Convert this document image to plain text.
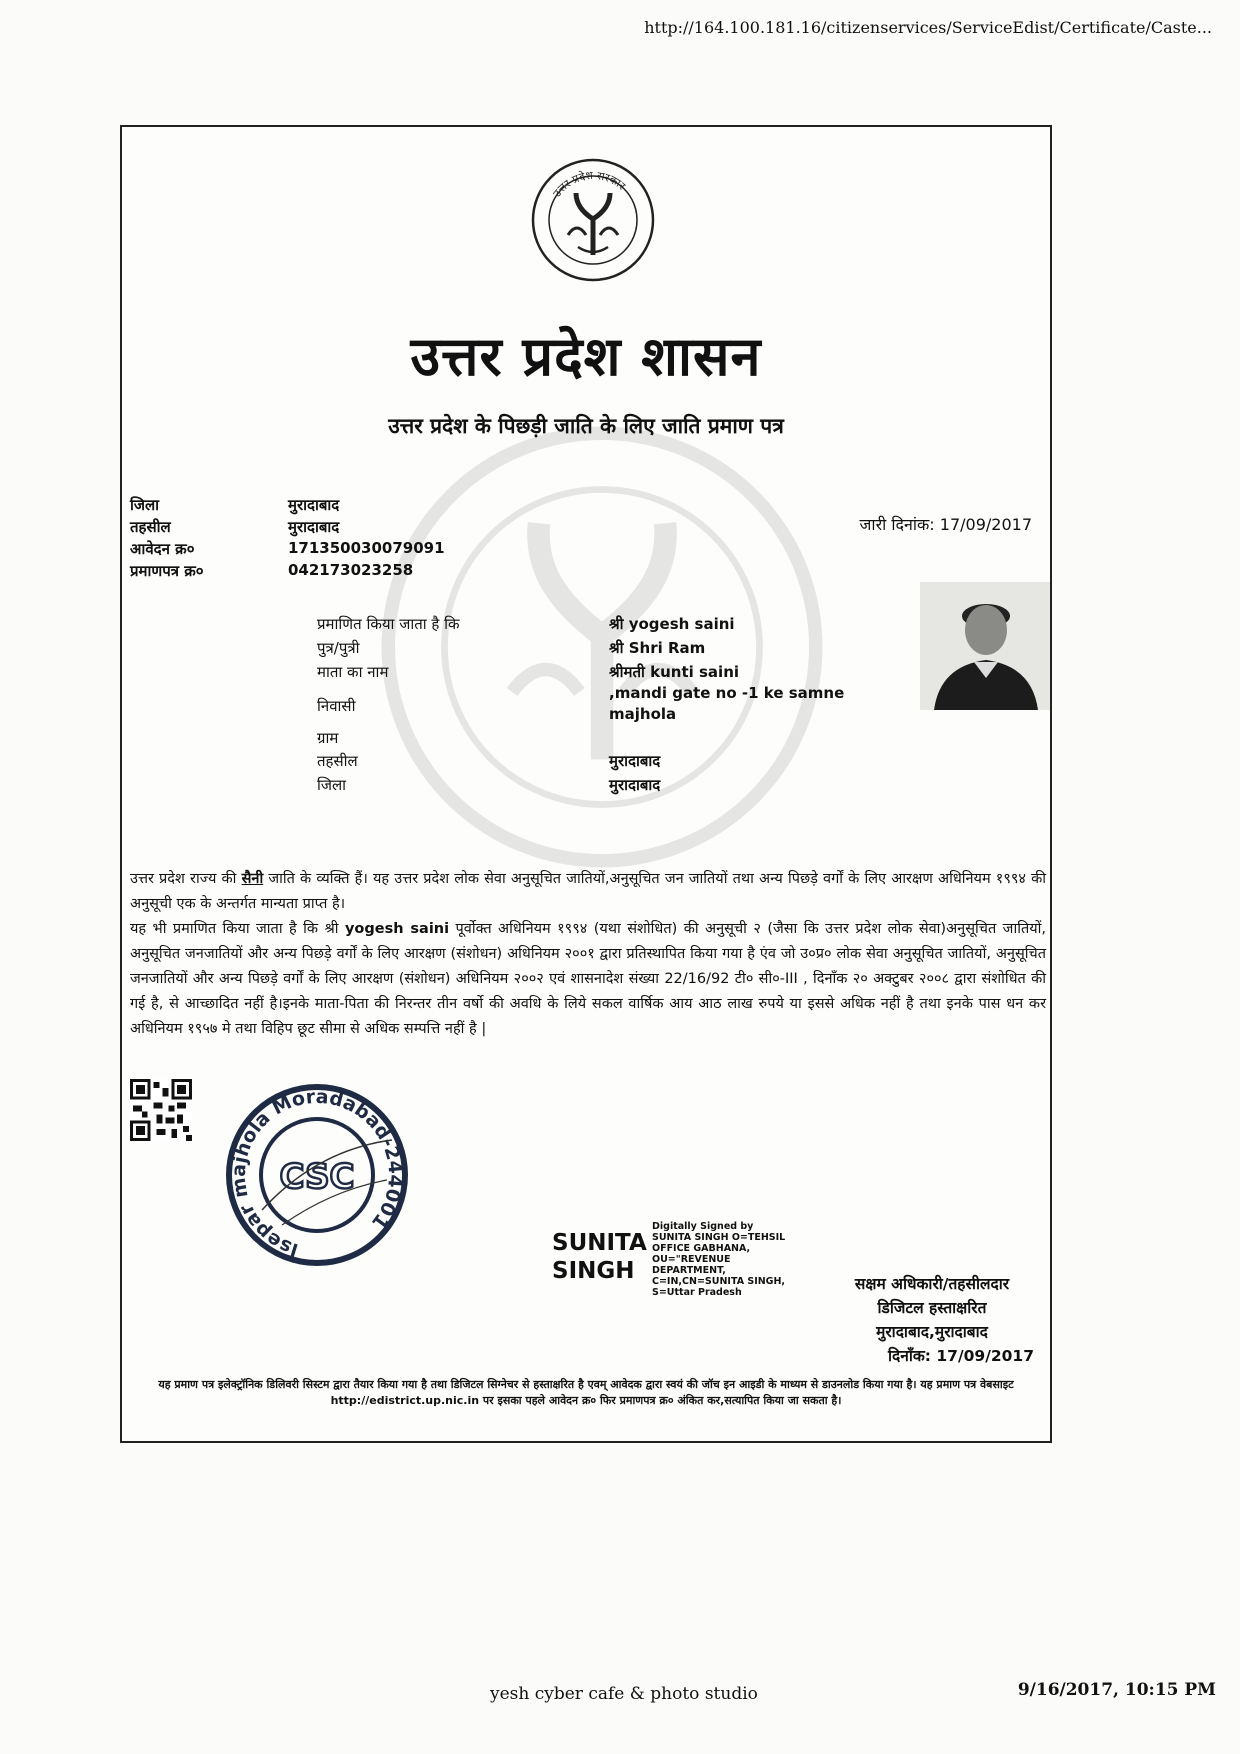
http://164.100.181.16/citizenservices/ServiceEdist/Certificate/Caste...
उत्तर प्रदेश सरकार
उत्तर प्रदेश शासन
उत्तर प्रदेश के पिछड़ी जाति के लिए जाति प्रमाण पत्र
जिला	मुरादाबाद
तहसील	मुरादाबाद
आवेदन क्र०	171350030079091
प्रमाणपत्र क्र०	042173023258
जारी दिनांक: 17/09/2017
प्रमाणित किया जाता है कि	श्री yogesh saini
पुत्र/पुत्री	श्री Shri Ram
माता का नाम	श्रीमती kunti saini
निवासी
,mandi gate no -1 ke samne
majhola
ग्राम
तहसील	मुरादाबाद
जिला	मुरादाबाद
उत्तर प्रदेश राज्य की सैनी जाति के व्यक्ति हैं। यह उत्तर प्रदेश लोक सेवा अनुसूचित जातियों,अनुसूचित जन जातियों तथा अन्य पिछड़े वर्गों के लिए आरक्षण अधिनियम १९९४ की अनुसूची एक के अन्तर्गत मान्यता प्राप्त है।
यह भी प्रमाणित किया जाता है कि श्री yogesh saini पूर्वोक्त अधिनियम १९९४ (यथा संशोधित) की अनुसूची २ (जैसा कि उत्तर प्रदेश लोक सेवा)अनुसूचित जातियों, अनुसूचित जनजातियों और अन्य पिछड़े वर्गों के लिए आरक्षण (संशोधन) अधिनियम २००१ द्वारा प्रतिस्थापित किया गया है एंव जो उ०प्र० लोक सेवा अनुसूचित जातियों, अनुसूचित जनजातियों और अन्य पिछड़े वर्गों के लिए आरक्षण (संशोधन) अधिनियम २००२ एवं शासनादेश संख्या 22/16/92 टी० सी०-III , दिनाँक २० अक्टुबर २००८ द्वारा संशोधित की गई है, से आच्छादित नहीं है।इनके माता-पिता की निरन्तर तीन वर्षो की अवधि के लिये सकल वार्षिक आय आठ लाख रुपये या इससे अधिक नहीं है तथा इनके पास धन कर अधिनियम १९५७ मे तथा विहिप छूट सीमा से अधिक सम्पत्ति नहीं है |
lsepar majhola Moradabad-244001
CSC
SUNITA
SINGH
Digitally Signed by SUNITA SINGH O=TEHSIL OFFICE GABHANA, OU="REVENUE DEPARTMENT, C=IN,CN=SUNITA SINGH, S=Uttar Pradesh	सक्षम अधिकारी/तहसीलदार
डिजिटल हस्ताक्षरित
मुरादाबाद,मुरादाबाद
दिनाँक: 17/09/2017
यह प्रमाण पत्र इलेक्ट्रॉनिक डिलिवरी सिस्टम द्वारा तैयार किया गया है तथा डिजिटल सिग्नेचर से हस्ताक्षरित है एवम् आवेदक द्वारा स्वयं की जॉच इन आइडी के माध्यम से डाउनलोड किया गया है। यह प्रमाण पत्र वेबसाइट http://edistrict.up.nic.in पर इसका पहले आवेदन क्र० फिर प्रमाणपत्र क्र० अंकित कर,सत्यापित किया जा सकता है।
yesh cyber cafe & photo studio	9/16/2017, 10:15 PM
